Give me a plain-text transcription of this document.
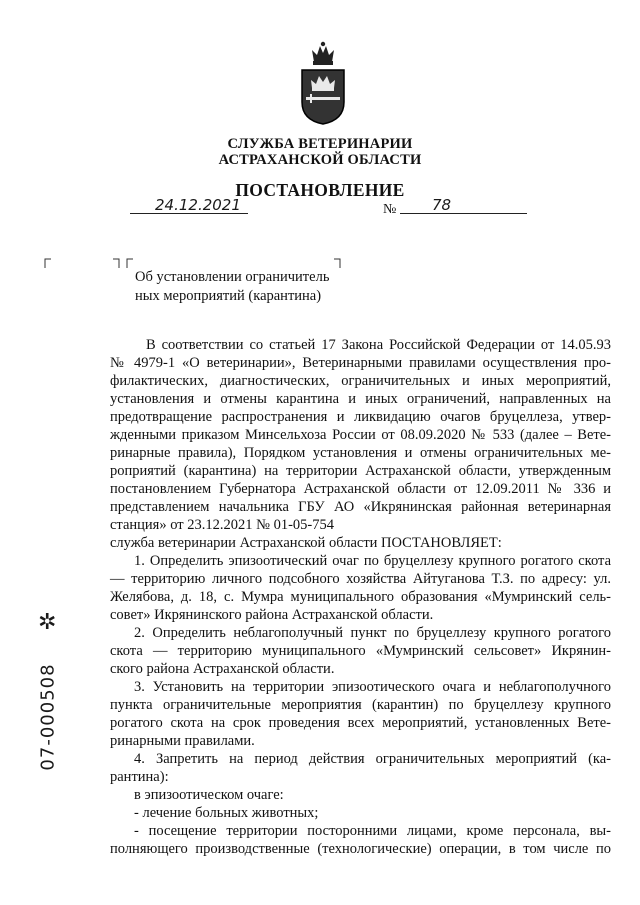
СЛУЖБА ВЕТЕРИНАРИИ
АСТРАХАНСКОЙ ОБЛАСТИ
ПОСТАНОВЛЕНИЕ
24.12.2021	№ 78
Об установлении ограничитель
ных мероприятий (карантина)
✲
07-000508
В соответствии со статьей 17 Закона Российской Федерации от 14.05.93
№ 4979-1 «О ветеринарии», Ветеринарными правилами осуществления про-
филактических, диагностических, ограничительных и иных мероприятий,
установления и отмены карантина и иных ограничений, направленных на
предотвращение распространения и ликвидацию очагов бруцеллеза, утвер-
жденными приказом Минсельхоза России от 08.09.2020 № 533 (далее – Вете-
ринарные правила), Порядком установления и отмены ограничительных ме-
роприятий (карантина) на территории Астраханской области, утвержденным
постановлением Губернатора Астраханской области от 12.09.2011 № 336 и
представлением начальника ГБУ АО «Икрянинская районная ветеринарная
станция» от 23.12.2021 № 01-05-754
служба ветеринарии Астраханской области ПОСТАНОВЛЯЕТ:
1. Определить эпизоотический очаг по бруцеллезу крупного рогатого скота
— территорию личного подсобного хозяйства Айтуганова Т.З. по адресу: ул.
Желябова, д. 18, с. Мумра муниципального образования «Мумринский сель-
совет» Икрянинского района Астраханской области.
2. Определить неблагополучный пункт по бруцеллезу крупного рогатого
скота — территорию муниципального «Мумринский сельсовет» Икрянин-
ского района Астраханской области.
3. Установить на территории эпизоотического очага и неблагополучного
пункта ограничительные мероприятия (карантин) по бруцеллезу крупного
рогатого скота на срок проведения всех мероприятий, установленных Вете-
ринарными правилами.
4. Запретить на период действия ограничительных мероприятий (ка-
рантина):
в эпизоотическом очаге:
- лечение больных животных;
- посещение территории посторонними лицами, кроме персонала, вы-
полняющего производственные (технологические) операции, в том числе по
